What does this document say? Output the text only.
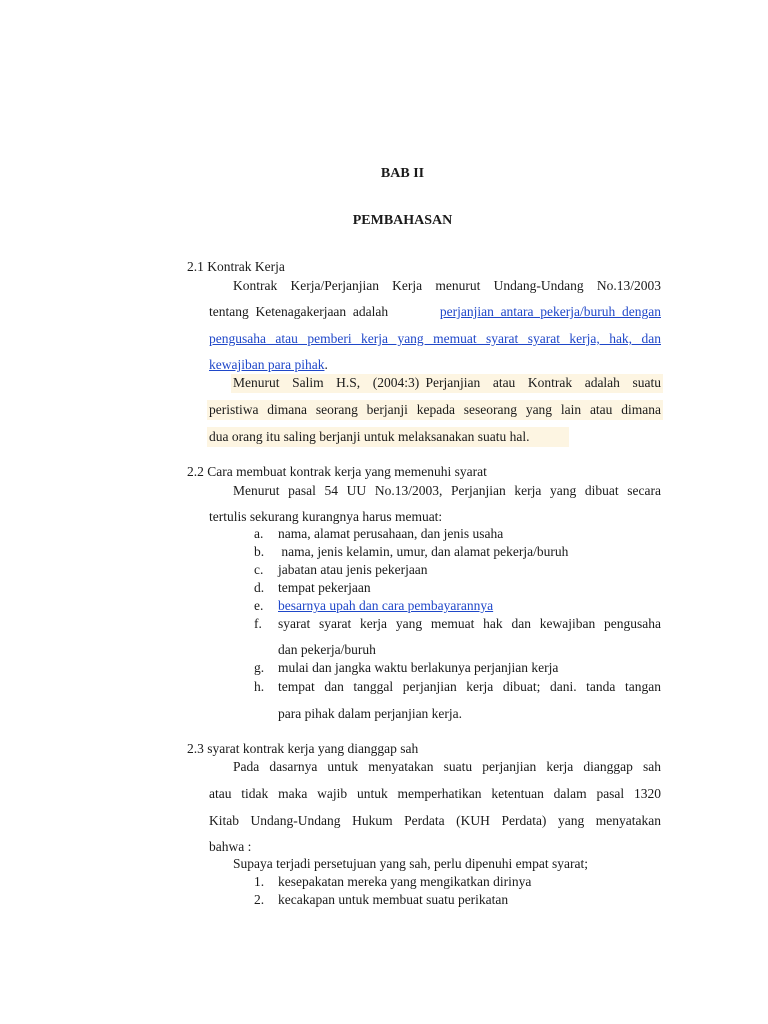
BAB II
PEMBAHASAN
2.1 Kontrak Kerja
Kontrak Kerja/Perjanjian Kerja menurut Undang-Undang No.13/2003
tentang  Ketenagakerjaan  adalah	perjanjian  antara  pekerja/buruh  dengan
pengusaha atau pemberi kerja yang memuat syarat syarat kerja, hak, dan
kewajiban para pihak.
Menurut  Salim  H.S,  (2004:3) Perjanjian  atau  Kontrak  adalah  suatu
peristiwa dimana seorang berjanji kepada seseorang yang lain atau dimana
dua orang itu saling berjanji untuk melaksanakan suatu hal.
2.2 Cara membuat kontrak kerja yang memenuhi syarat
Menurut pasal 54 UU No.13/2003, Perjanjian kerja yang dibuat secara
tertulis sekurang kurangnya harus memuat:
a.	nama, alamat perusahaan, dan jenis usaha
b.	nama, jenis kelamin, umur, dan alamat pekerja/buruh
c.	jabatan atau jenis pekerjaan
d.	tempat pekerjaan
e.	besarnya upah dan cara pembayarannya
f.	syarat syarat kerja yang memuat hak dan kewajiban pengusaha
dan pekerja/buruh
g.	mulai dan jangka waktu berlakunya perjanjian kerja
h.	tempat dan tanggal perjanjian kerja dibuat; dani. tanda tangan
para pihak dalam perjanjian kerja.
2.3 syarat kontrak kerja yang dianggap sah
Pada dasarnya untuk menyatakan suatu perjanjian kerja dianggap sah
atau tidak maka wajib untuk memperhatikan ketentuan dalam pasal 1320
Kitab Undang-Undang Hukum Perdata (KUH Perdata) yang menyatakan
bahwa :
Supaya terjadi persetujuan yang sah, perlu dipenuhi empat syarat;
1.	kesepakatan mereka yang mengikatkan dirinya
2.	kecakapan untuk membuat suatu perikatan
